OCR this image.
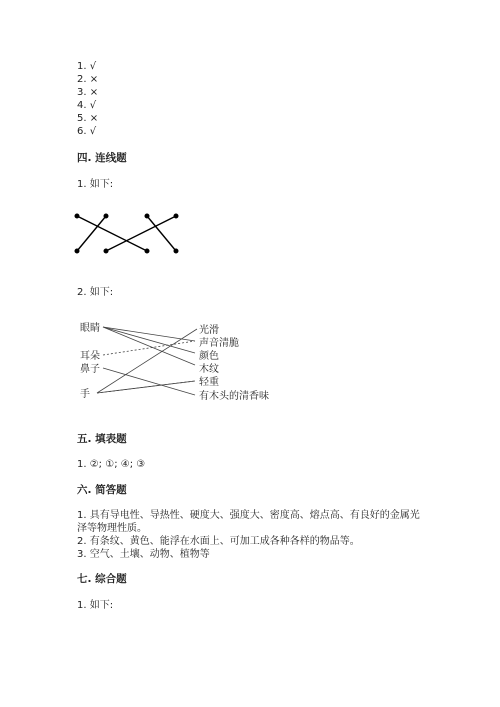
1. √
2. ×
3. ×
4. √
5. ×
6. √
四. 连线题
1. 如下:
2. 如下:
眼睛
耳朵
鼻子
手
光滑
声音清脆
颜色
木纹
轻重
有木头的清香味
五. 填表题
1. ②; ①; ④; ③
六. 简答题
1. 具有导电性、导热性、硬度大、强度大、密度高、熔点高、有良好的金属光
泽等物理性质。
2. 有条纹、黄色、能浮在水面上、可加工成各种各样的物品等。
3. 空气、土壤、动物、植物等
七. 综合题
1. 如下:
